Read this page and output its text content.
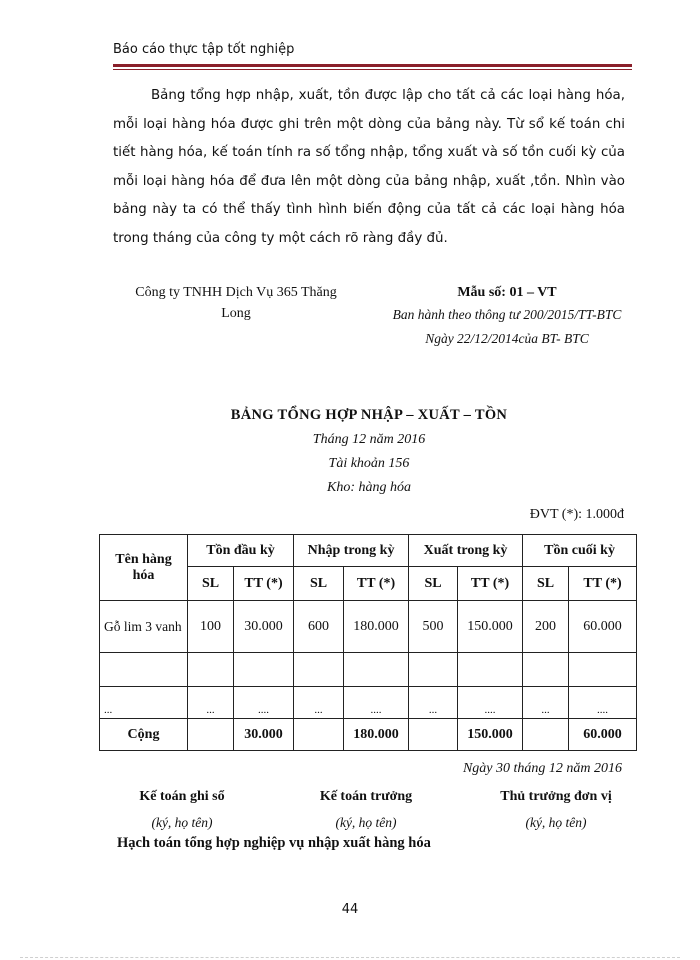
Báo cáo thực tập tốt nghiệp

Bảng tổng hợp nhập, xuất, tồn được lập cho tất cả các loại hàng hóa, mỗi loại hàng hóa được ghi trên một dòng của bảng này. Từ sổ kế toán chi tiết hàng hóa, kế toán tính ra số tổng nhập, tổng xuất và số tồn cuối kỳ của mỗi loại hàng hóa để đưa lên một dòng của bảng nhập, xuất ,tồn. Nhìn vào bảng này ta có thể thấy tình hình biến động của tất cả các loại hàng hóa trong tháng của công ty một cách rõ ràng đầy đủ.

Công ty TNHH Dịch Vụ 365 Thăng
Long
Mẫu số: 01 – VT
Ban hành theo thông tư 200/2015/TT-BTC
Ngày 22/12/2014của BT- BTC
BẢNG TỔNG HỢP NHẬP – XUẤT – TỒN
Tháng 12 năm 2016
Tài khoản 156
Kho: hàng hóa
ĐVT (*): 1.000đ
Tên hàng hóa	Tồn đầu kỳ		Nhập trong kỳ		Xuất trong kỳ		Tồn cuối kỳ	
	SL	TT (*)	SL	TT (*)	SL	TT (*)	SL	TT (*)
Gỗ lim 3 vanh	100	30.000	600	180.000	500	150.000	200	60.000

...	...	....	...	....	...	....	...	....
Cộng		30.000		180.000		150.000		60.000
Ngày 30 tháng 12 năm 2016
Kế toán ghi sổ
(ký, họ tên)
Kế toán trưởng
(ký, họ tên)
Thủ trưởng đơn vị
(ký, họ tên)
Hạch toán tổng hợp nghiệp vụ nhập xuất hàng hóa
44
